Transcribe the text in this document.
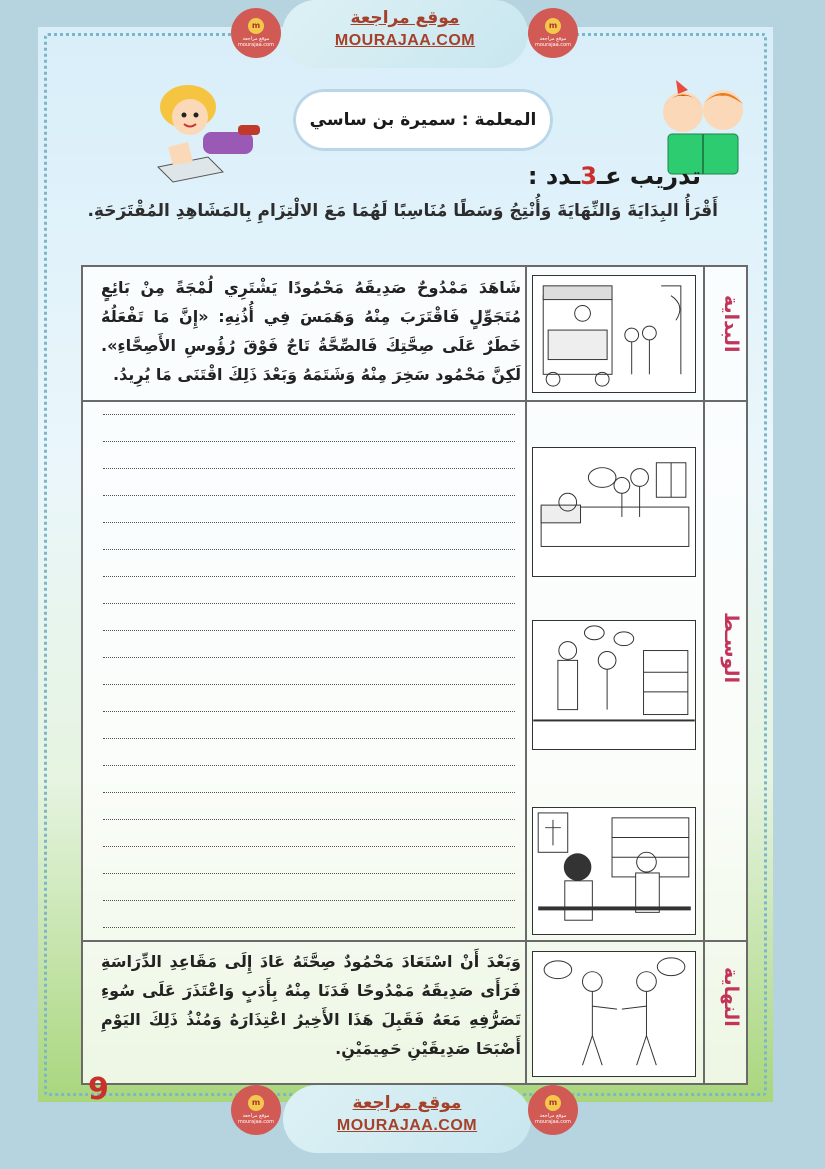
m
موقع مراجعة mourajaa.com
موقع مراجعة
MOURAJAA.COM
m
موقع مراجعة mourajaa.com
المعلمة : سميرة بن ساسي
تدريب عـ3ـدد :
أَقْرَأُ البِدَايَةَ وَالنِّهَايَةَ وَأُنْتِجُ وَسَطًا مُنَاسِبًا لَهُمَا مَعَ الالْتِزَامِ بِالمَشَاهِدِ المُقْتَرَحَةِ.
البداية
الوسـط
النهاية
شَاهَدَ مَمْدُوحٌ صَدِيقَهُ مَحْمُودًا يَشْتَرِي لُمْجَةً مِنْ بَائِعٍ مُتَجَوِّلٍ فَاقْتَرَبَ مِنْهُ وَهَمَسَ فِي أُذُنِهِ: «إِنَّ مَا تَفْعَلُهُ خَطَرٌ عَلَى صِحَّتِكَ فَالصِّحَّةُ تَاجٌ فَوْقَ رُؤُوسِ الأَصِحَّاءِ». لَكِنَّ مَحْمُود سَخِرَ مِنْهُ وَشَتَمَهُ وَبَعْدَ ذَلِكَ اقْتَنَى مَا يُرِيدُ.
وَبَعْدَ أَنْ اسْتَعَادَ مَحْمُودٌ صِحَّتَهُ عَادَ إِلَى مَقَاعِدِ الدِّرَاسَةِ فَرَأَى صَدِيقَهُ مَمْدُوحًا فَدَنَا مِنْهُ بِأَدَبٍ وَاعْتَذَرَ عَلَى سُوءِ تَصَرُّفِهِ مَعَهُ فَقَبِلَ هَذَا الأَخِيرُ اعْتِذَارَهُ وَمُنْذُ ذَلِكَ اليَوْمِ أَصْبَحَا صَدِيقَيْنِ حَمِيمَيْنِ.
9	m
موقع مراجعة mourajaa.com
موقع مراجعة
MOURAJAA.COM
m
موقع مراجعة mourajaa.com
